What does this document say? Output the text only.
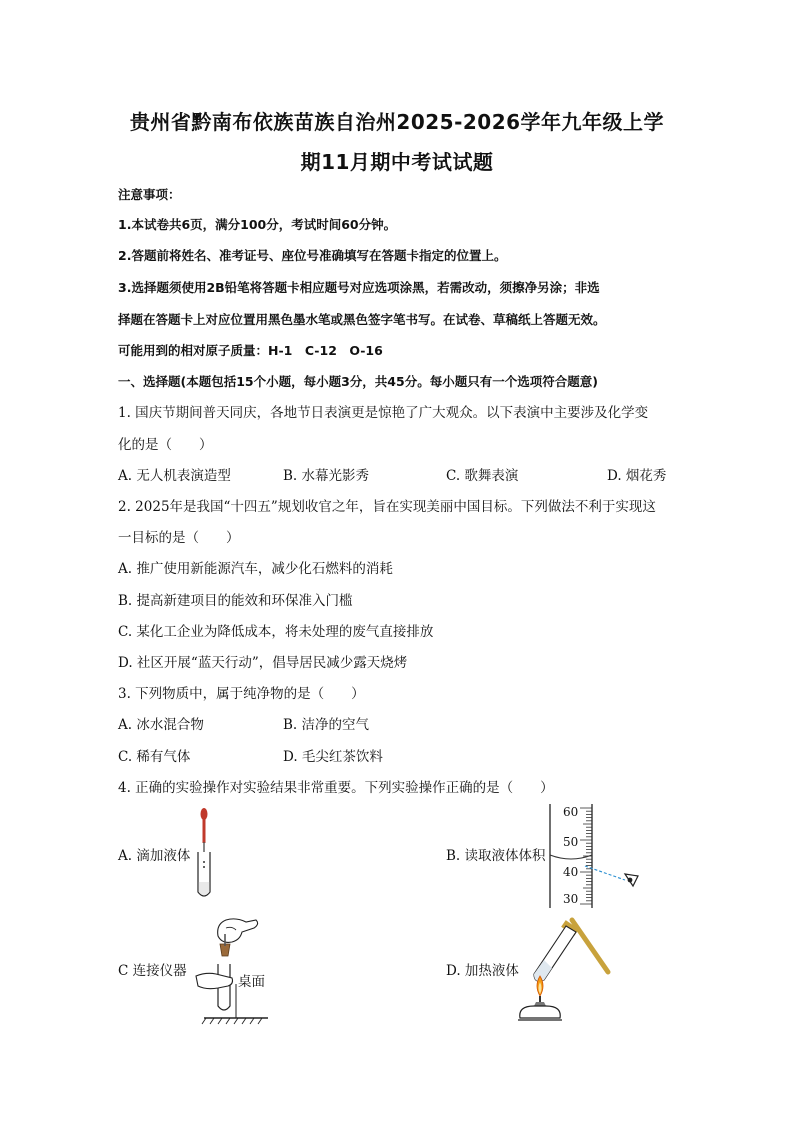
贵州省黔南布依族苗族自治州2025-2026学年九年级上学
期11月期中考试试题
注意事项：
1.本试卷共6页，满分100分，考试时间60分钟。
2.答题前将姓名、准考证号、座位号准确填写在答题卡指定的位置上。
3.选择题须使用2B铅笔将答题卡相应题号对应选项涂黑，若需改动，须擦净另涂；非选
择题在答题卡上对应位置用黑色墨水笔或黑色签字笔书写。在试卷、草稿纸上答题无效。
可能用到的相对原子质量：H-1　C-12　O-16
一、选择题(本题包括15个小题，每小题3分，共45分。每小题只有一个选项符合题意)
1. 国庆节期间普天同庆，各地节日表演更是惊艳了广大观众。以下表演中主要涉及化学变
化的是（　　）
A. 无人机表演造型	B. 水幕光影秀	C. 歌舞表演	D. 烟花秀
2. 2025年是我国“十四五”规划收官之年，旨在实现美丽中国目标。下列做法不利于实现这
一目标的是（　　）
A. 推广使用新能源汽车，减少化石燃料的消耗
B. 提高新建项目的能效和环保准入门槛
C. 某化工企业为降低成本，将未处理的废气直接排放
D. 社区开展“蓝天行动”，倡导居民减少露天烧烤
3. 下列物质中，属于纯净物的是（　　）
A. 冰水混合物	B. 洁净的空气
C. 稀有气体	D. 毛尖红茶饮料
4. 正确的实验操作对实验结果非常重要。下列实验操作正确的是（　　）
A. 滴加液体	B. 读取液体体积
C 连接仪器	D. 加热液体
60
50
40
30
桌面
